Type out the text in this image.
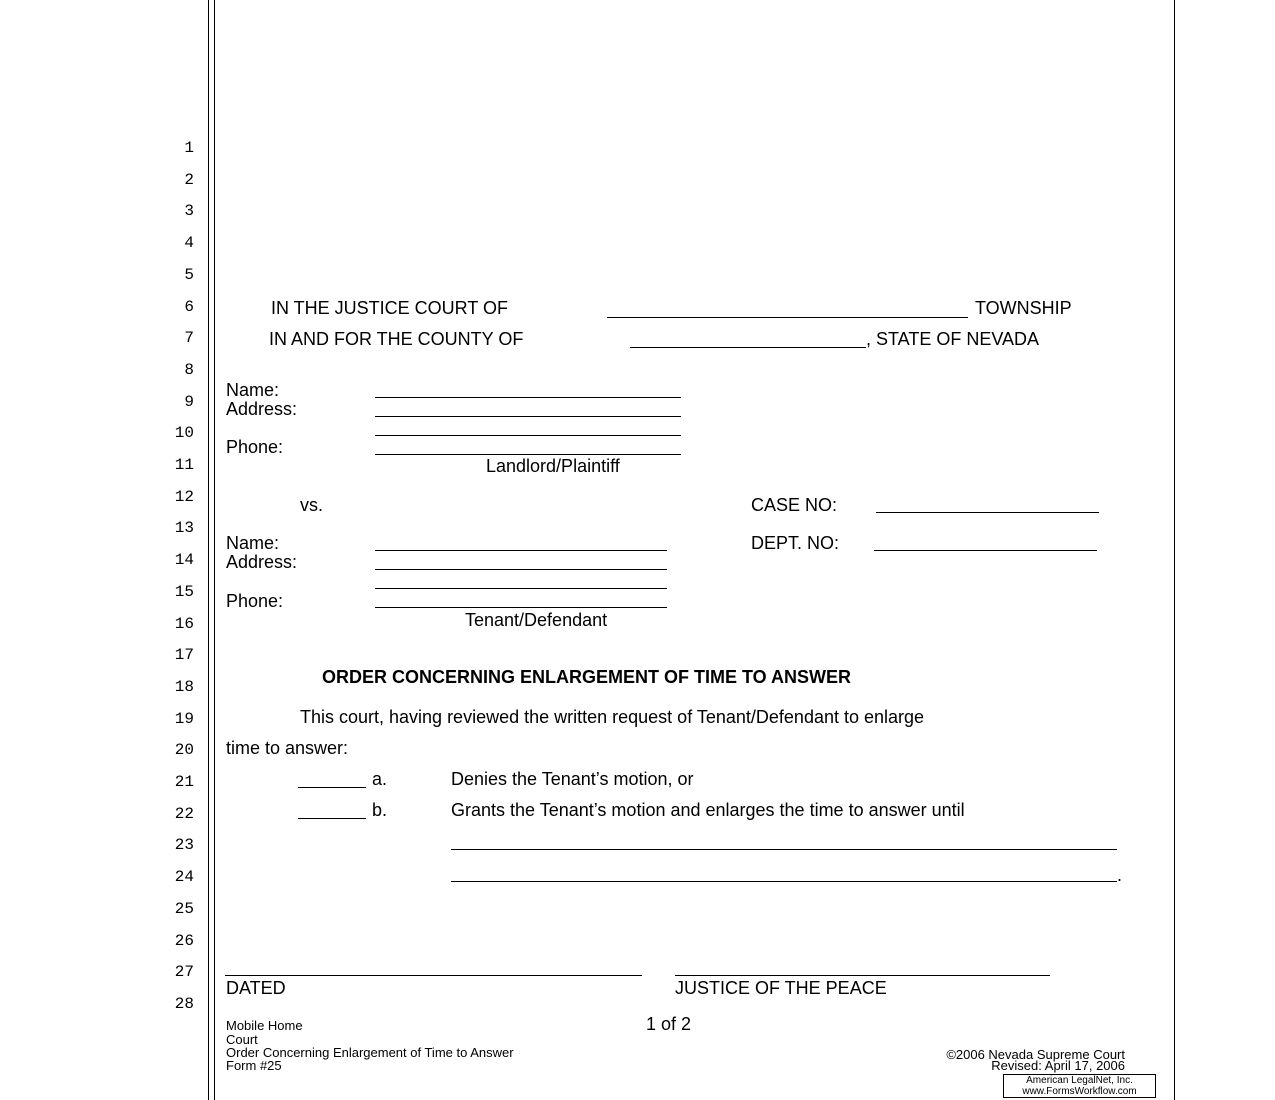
1
2
3
4
5
6
7
8
9
10
11
12
13
14
15
16
17
18
19
20
21
22
23
24
25
26
27
28
IN THE JUSTICE COURT OF	TOWNSHIP
IN AND FOR THE COUNTY OF	, STATE OF NEVADA
Name:
Address:
Phone:
Landlord/Plaintiff
vs.	CASE NO:
DEPT. NO:
Name:
Address:
Phone:
Tenant/Defendant
ORDER CONCERNING ENLARGEMENT OF TIME TO ANSWER
This court, having reviewed the written request of Tenant/Defendant to enlarge
time to answer:
a.	Denies the Tenant’s motion, or
b.	Grants the Tenant’s motion and enlarges the time to answer until
.
DATED	JUSTICE OF THE PEACE
Mobile Home
Court
Order Concerning Enlargement of Time to Answer
Form #25
1 of 2
©2006 Nevada Supreme Court
Revised: April 17, 2006
American LegalNet, Inc.
www.FormsWorkflow.com
